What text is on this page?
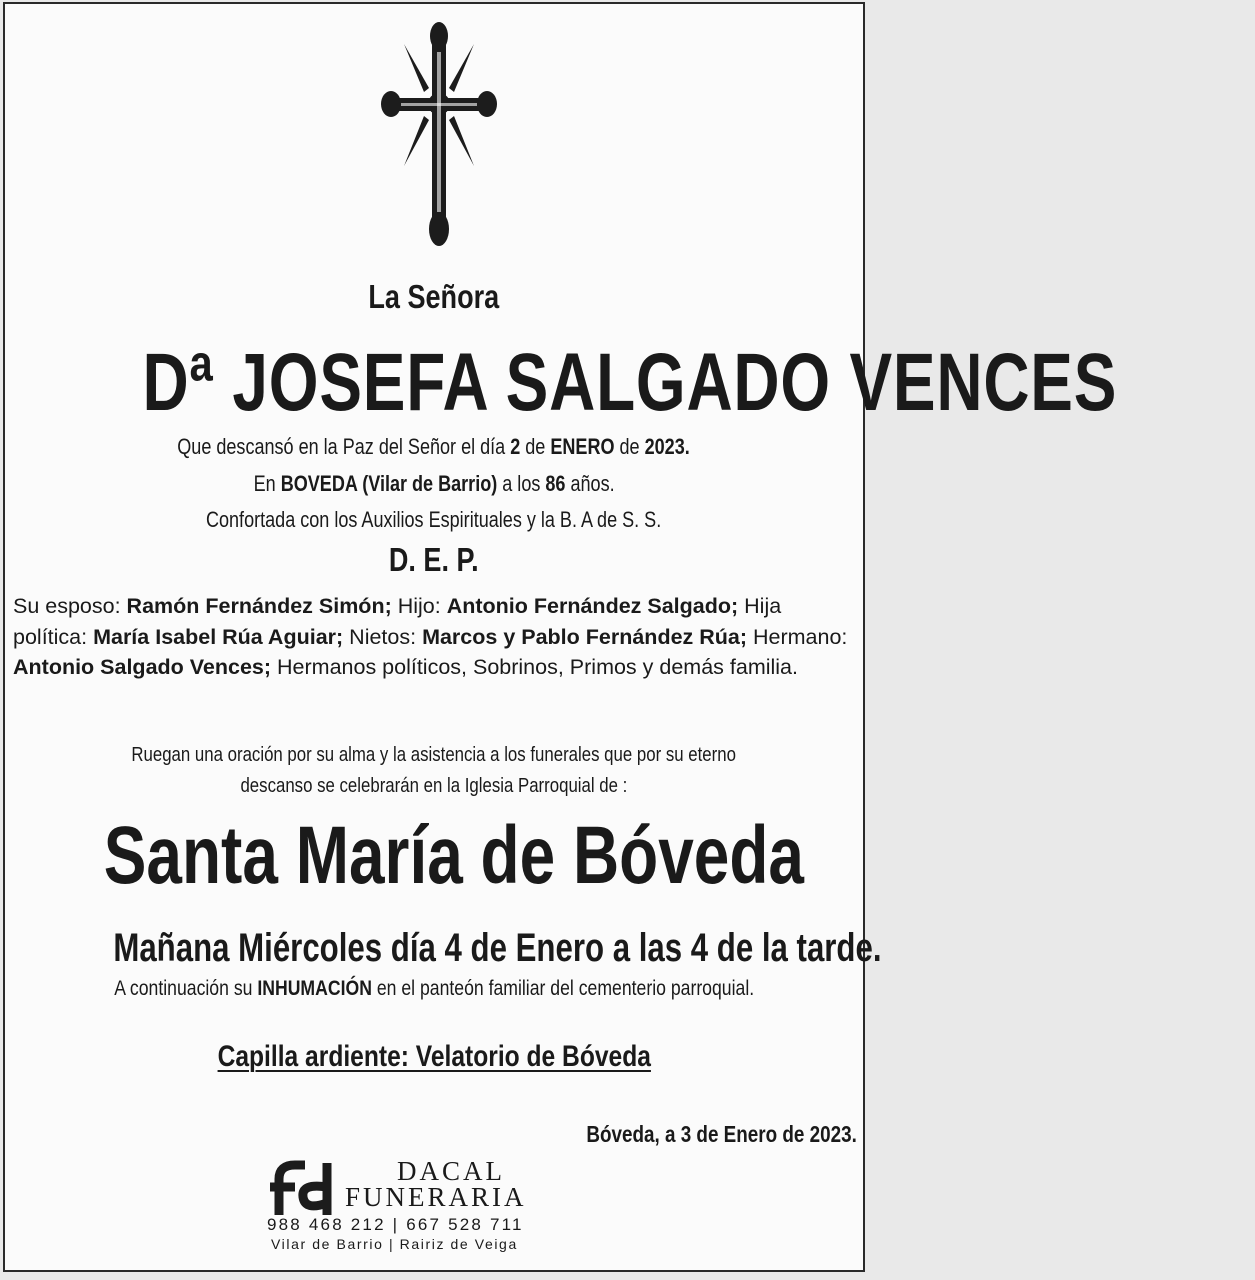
La Señora
Dª JOSEFA SALGADO VENCES
Que descansó en la Paz del Señor el día 2 de ENERO de 2023.
En BOVEDA (Vilar de Barrio) a los 86 años.
Confortada con los Auxilios Espirituales y la B. A de S. S.
D. E. P.
Su esposo: Ramón Fernández Simón; Hijo: Antonio Fernández Salgado; Hija política: María Isabel Rúa Aguiar; Nietos: Marcos y Pablo Fernández Rúa; Hermano: Antonio Salgado Vences; Hermanos políticos, Sobrinos, Primos y demás familia.
Ruegan una oración por su alma y la asistencia a los funerales que por su eterno
descanso se celebrarán en la Iglesia Parroquial de :
Santa María de Bóveda
Mañana Miércoles día 4 de Enero a las 4 de la tarde.
A continuación su INHUMACIÓN en el panteón familiar del cementerio parroquial.
Capilla ardiente: Velatorio de Bóveda
Bóveda, a 3 de Enero de 2023.
DACAL
FUNERARIA
988 468 212 | 667 528 711
Vilar de Barrio | Rairiz de Veiga
